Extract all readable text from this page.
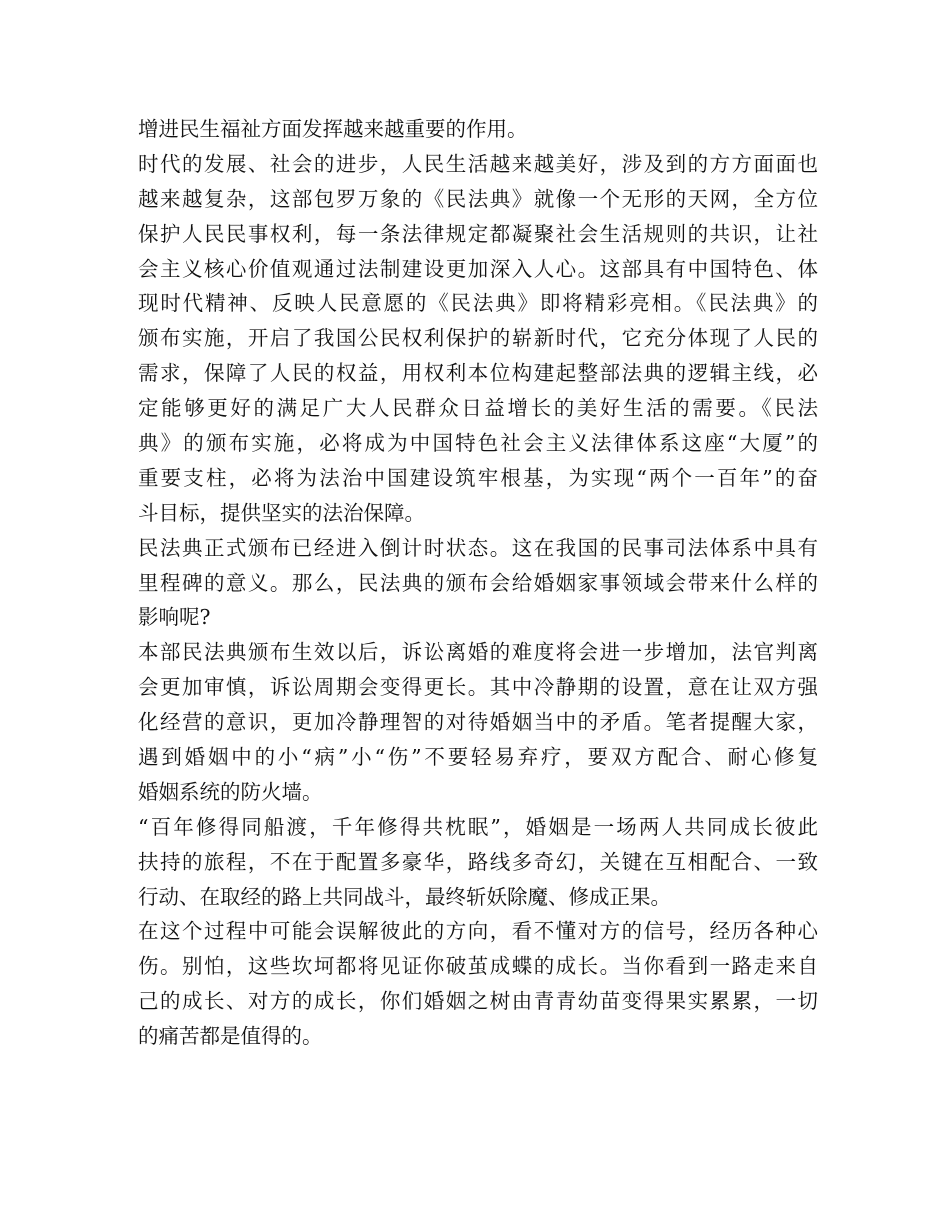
增进民生福祉方面发挥越来越重要的作用。
时代的发展、社会的进步，人民生活越来越美好，涉及到的方方面面也
越来越复杂，这部包罗万象的《民法典》就像一个无形的天网，全方位
保护人民民事权利，每一条法律规定都凝聚社会生活规则的共识，让社
会主义核心价值观通过法制建设更加深入人心。这部具有中国特色、体
现时代精神、反映人民意愿的《民法典》即将精彩亮相。《民法典》的
颁布实施，开启了我国公民权利保护的崭新时代，它充分体现了人民的
需求，保障了人民的权益，用权利本位构建起整部法典的逻辑主线，必
定能够更好的满足广大人民群众日益增长的美好生活的需要。《民法
典》的颁布实施，必将成为中国特色社会主义法律体系这座“大厦”的
重要支柱，必将为法治中国建设筑牢根基，为实现“两个一百年”的奋
斗目标，提供坚实的法治保障。
民法典正式颁布已经进入倒计时状态。这在我国的民事司法体系中具有
里程碑的意义。那么，民法典的颁布会给婚姻家事领域会带来什么样的
影响呢?
本部民法典颁布生效以后，诉讼离婚的难度将会进一步增加，法官判离
会更加审慎，诉讼周期会变得更长。其中冷静期的设置，意在让双方强
化经营的意识，更加冷静理智的对待婚姻当中的矛盾。笔者提醒大家，
遇到婚姻中的小“病”小“伤”不要轻易弃疗，要双方配合、耐心修复
婚姻系统的防火墙。
“百年修得同船渡，千年修得共枕眠”，婚姻是一场两人共同成长彼此
扶持的旅程，不在于配置多豪华，路线多奇幻，关键在互相配合、一致
行动、在取经的路上共同战斗，最终斩妖除魔、修成正果。
在这个过程中可能会误解彼此的方向，看不懂对方的信号，经历各种心
伤。别怕，这些坎坷都将见证你破茧成蝶的成长。当你看到一路走来自
己的成长、对方的成长，你们婚姻之树由青青幼苗变得果实累累，一切
的痛苦都是值得的。
